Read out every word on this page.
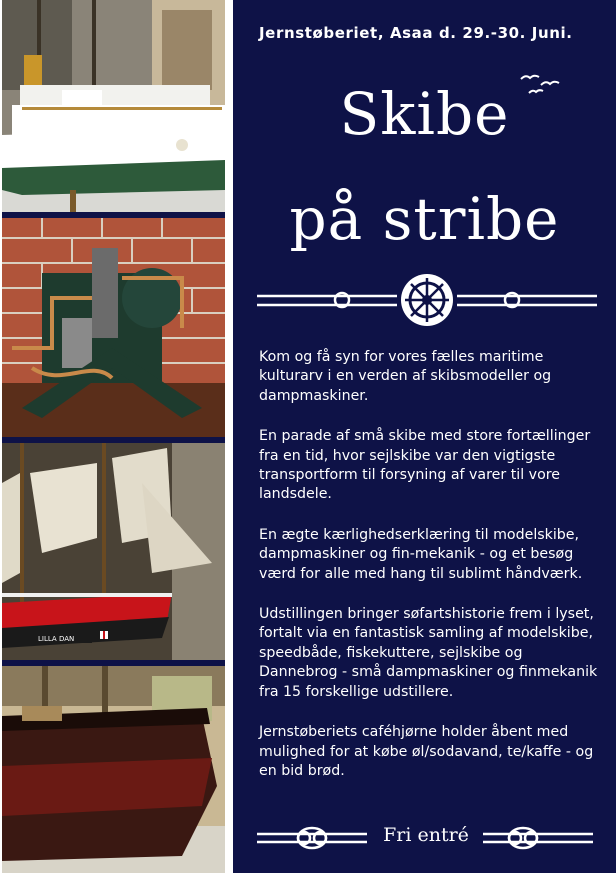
LILLA DAN
Jernstøberiet, Asaa d. 29.-30. Juni.
Skibe
på stribe

Kom og få syn for vores fælles maritime kulturarv i en verden af skibsmodeller og dampmaskiner.

En parade af små skibe med store fortællinger fra en tid, hvor sejlskibe var den vigtigste transportform til forsyning af varer til vore landsdele.

En ægte kærlighedserklæring til modelskibe, dampmaskiner og fin-mekanik - og et besøg værd for alle med hang til sublimt håndværk.

Udstillingen bringer søfartshistorie frem i lyset, fortalt via en fantastisk samling af modelskibe, speedbåde, fiskekuttere, sejlskibe og Dannebrog - små dampmaskiner og finmekanik fra 15 forskellige udstillere.

Jernstøberiets caféhjørne holder åbent med mulighed for at købe øl/sodavand, te/kaffe - og en bid brød.

Fri entré
